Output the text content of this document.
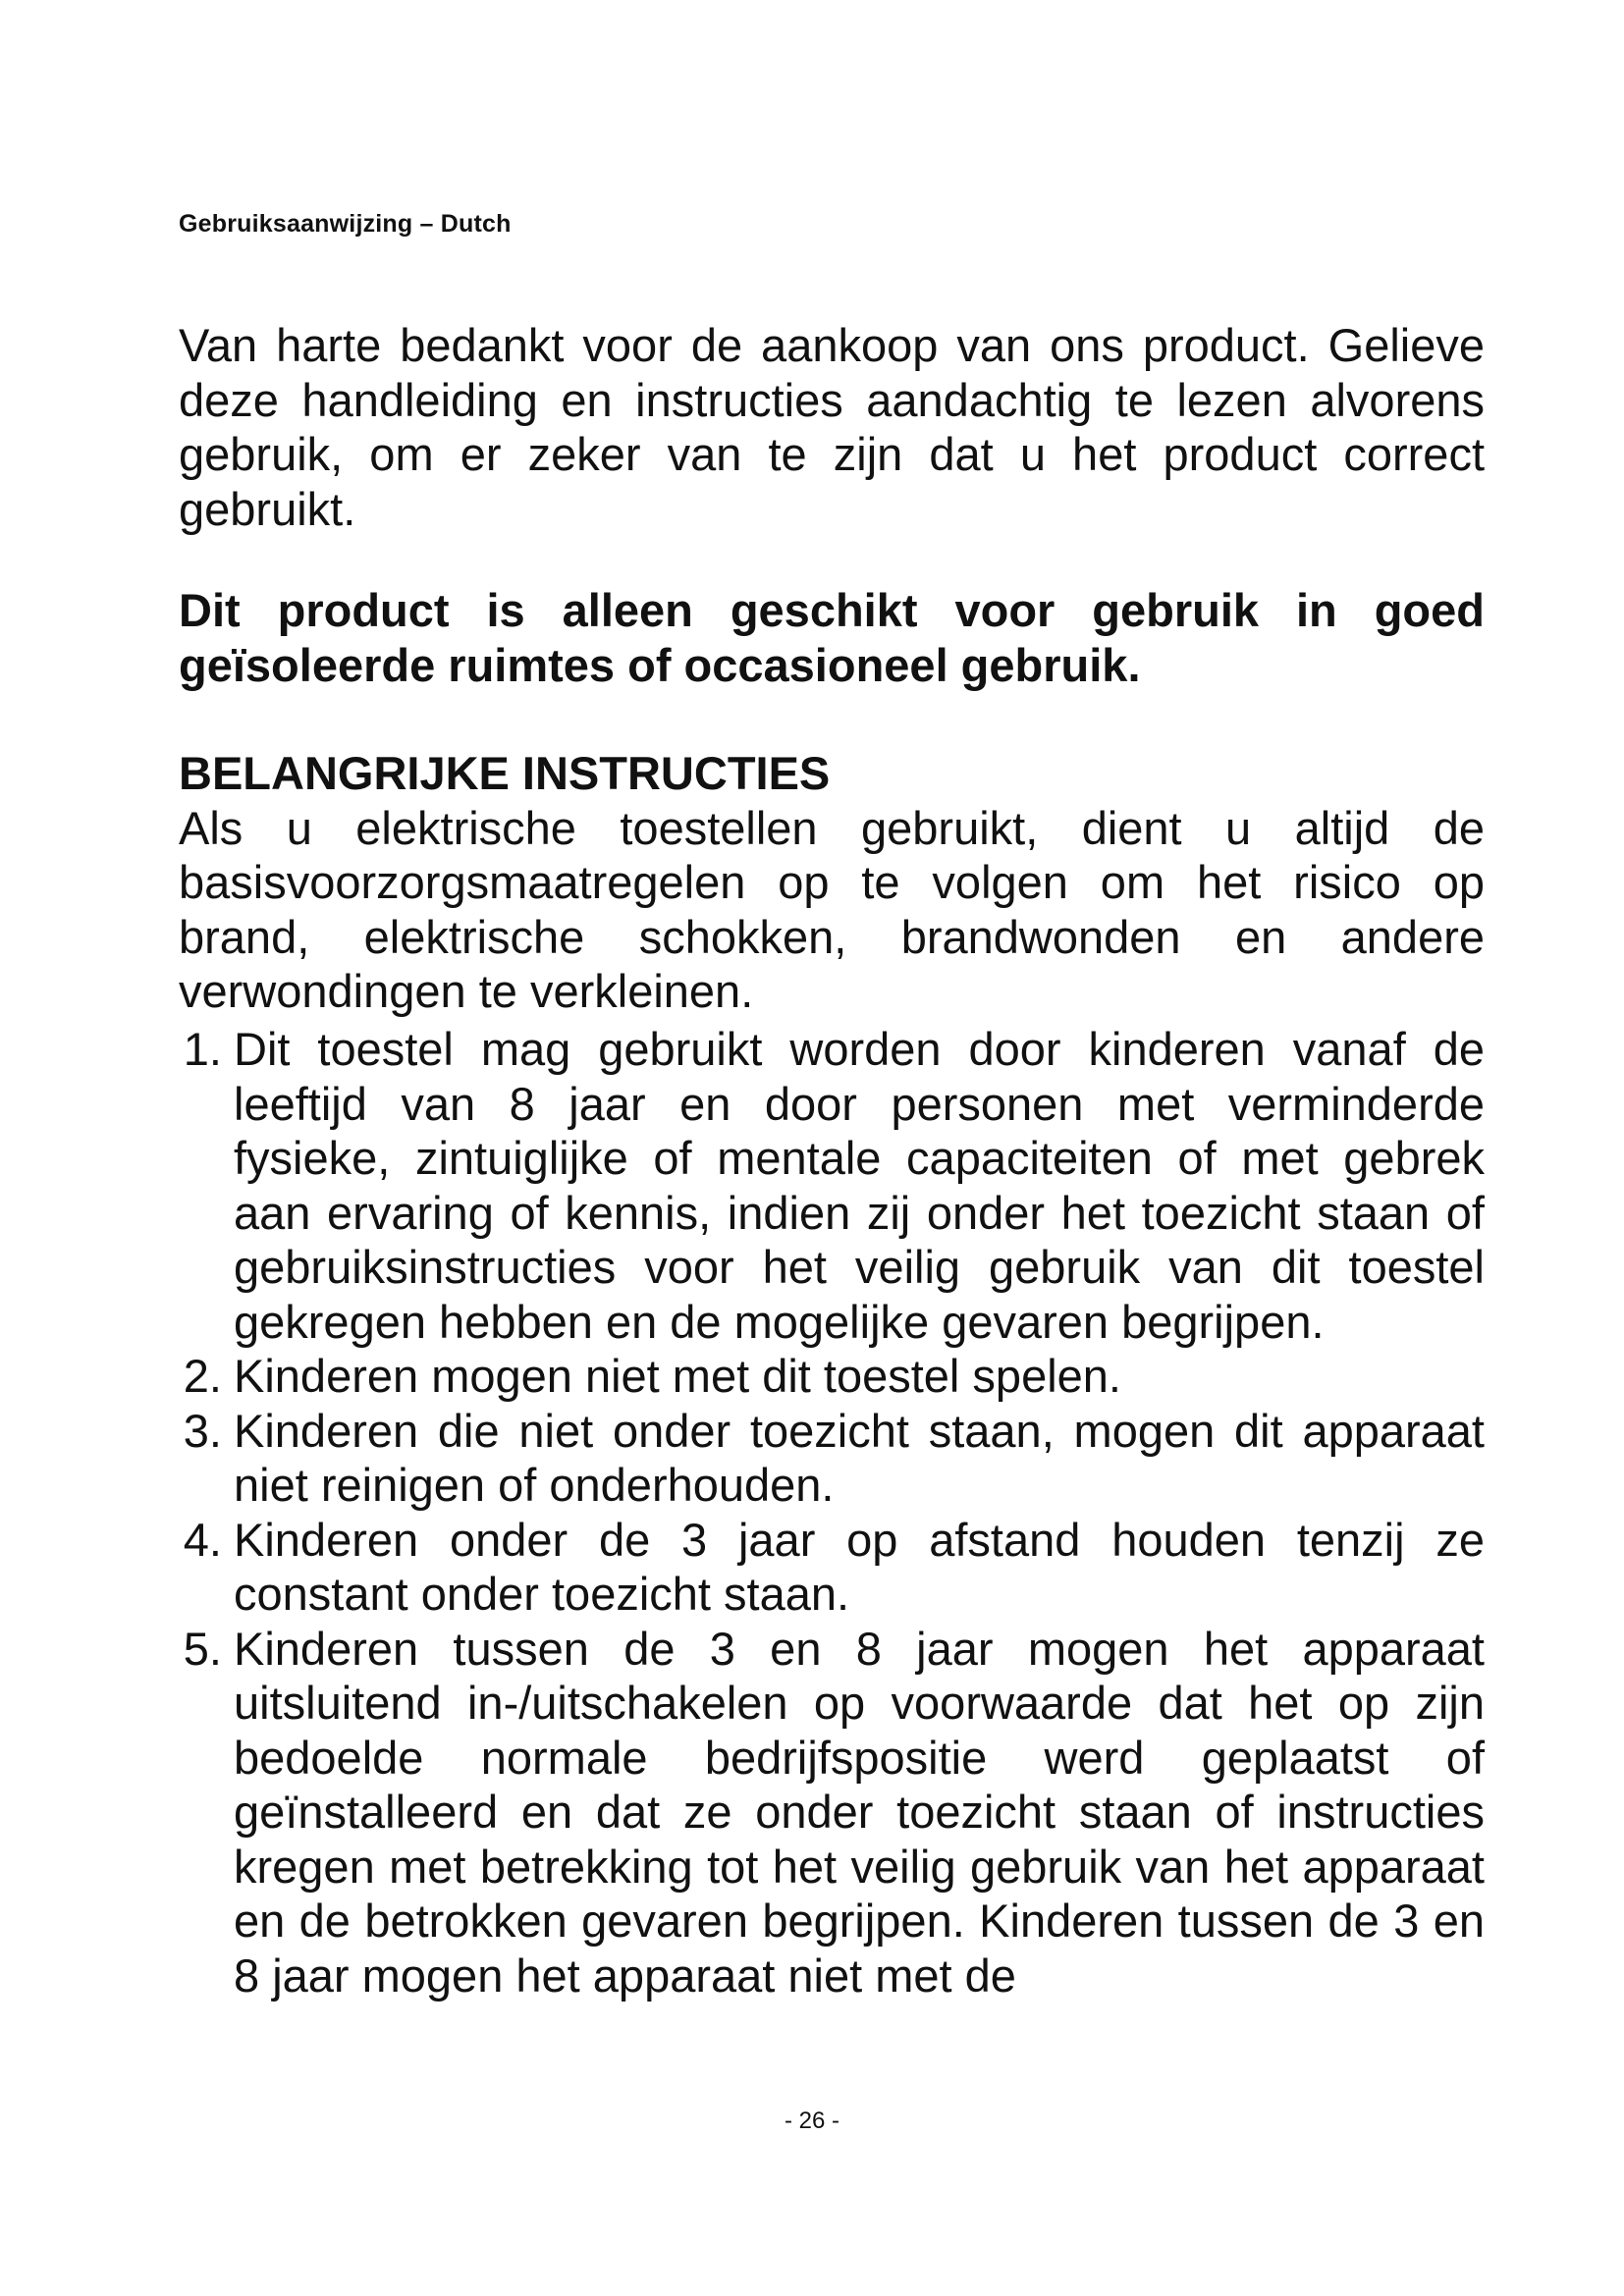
Gebruiksaanwijzing – Dutch

Van harte bedankt voor de aankoop van ons product. Gelieve deze handleiding en instructies aandachtig te lezen alvorens gebruik, om er zeker van te zijn dat u het product correct gebruikt.

Dit product is alleen geschikt voor gebruik in goed geïsoleerde ruimtes of occasioneel gebruik.

BELANGRIJKE INSTRUCTIES
Als u elektrische toestellen gebruikt, dient u altijd de basisvoorzorgsmaatregelen op te volgen om het risico op brand, elektrische schokken, brandwonden en andere verwondingen te verkleinen.
1. Dit toestel mag gebruikt worden door kinderen vanaf de leeftijd van 8 jaar en door personen met verminderde fysieke, zintuiglijke of mentale capaciteiten of met gebrek aan ervaring of kennis, indien zij onder het toezicht staan of gebruiksinstructies voor het veilig gebruik van dit toestel gekregen hebben en de mogelijke gevaren begrijpen.
2. Kinderen mogen niet met dit toestel spelen.
3. Kinderen die niet onder toezicht staan, mogen dit apparaat niet reinigen of onderhouden.
4. Kinderen onder de 3 jaar op afstand houden tenzij ze constant onder toezicht staan.
5. Kinderen tussen de 3 en 8 jaar mogen het apparaat uitsluitend in-/uitschakelen op voorwaarde dat het op zijn bedoelde normale bedrijfspositie werd geplaatst of geïnstalleerd en dat ze onder toezicht staan of instructies kregen met betrekking tot het veilig gebruik van het apparaat en de betrokken gevaren begrijpen. Kinderen tussen de 3 en 8 jaar mogen het apparaat niet met de
- 26 -
